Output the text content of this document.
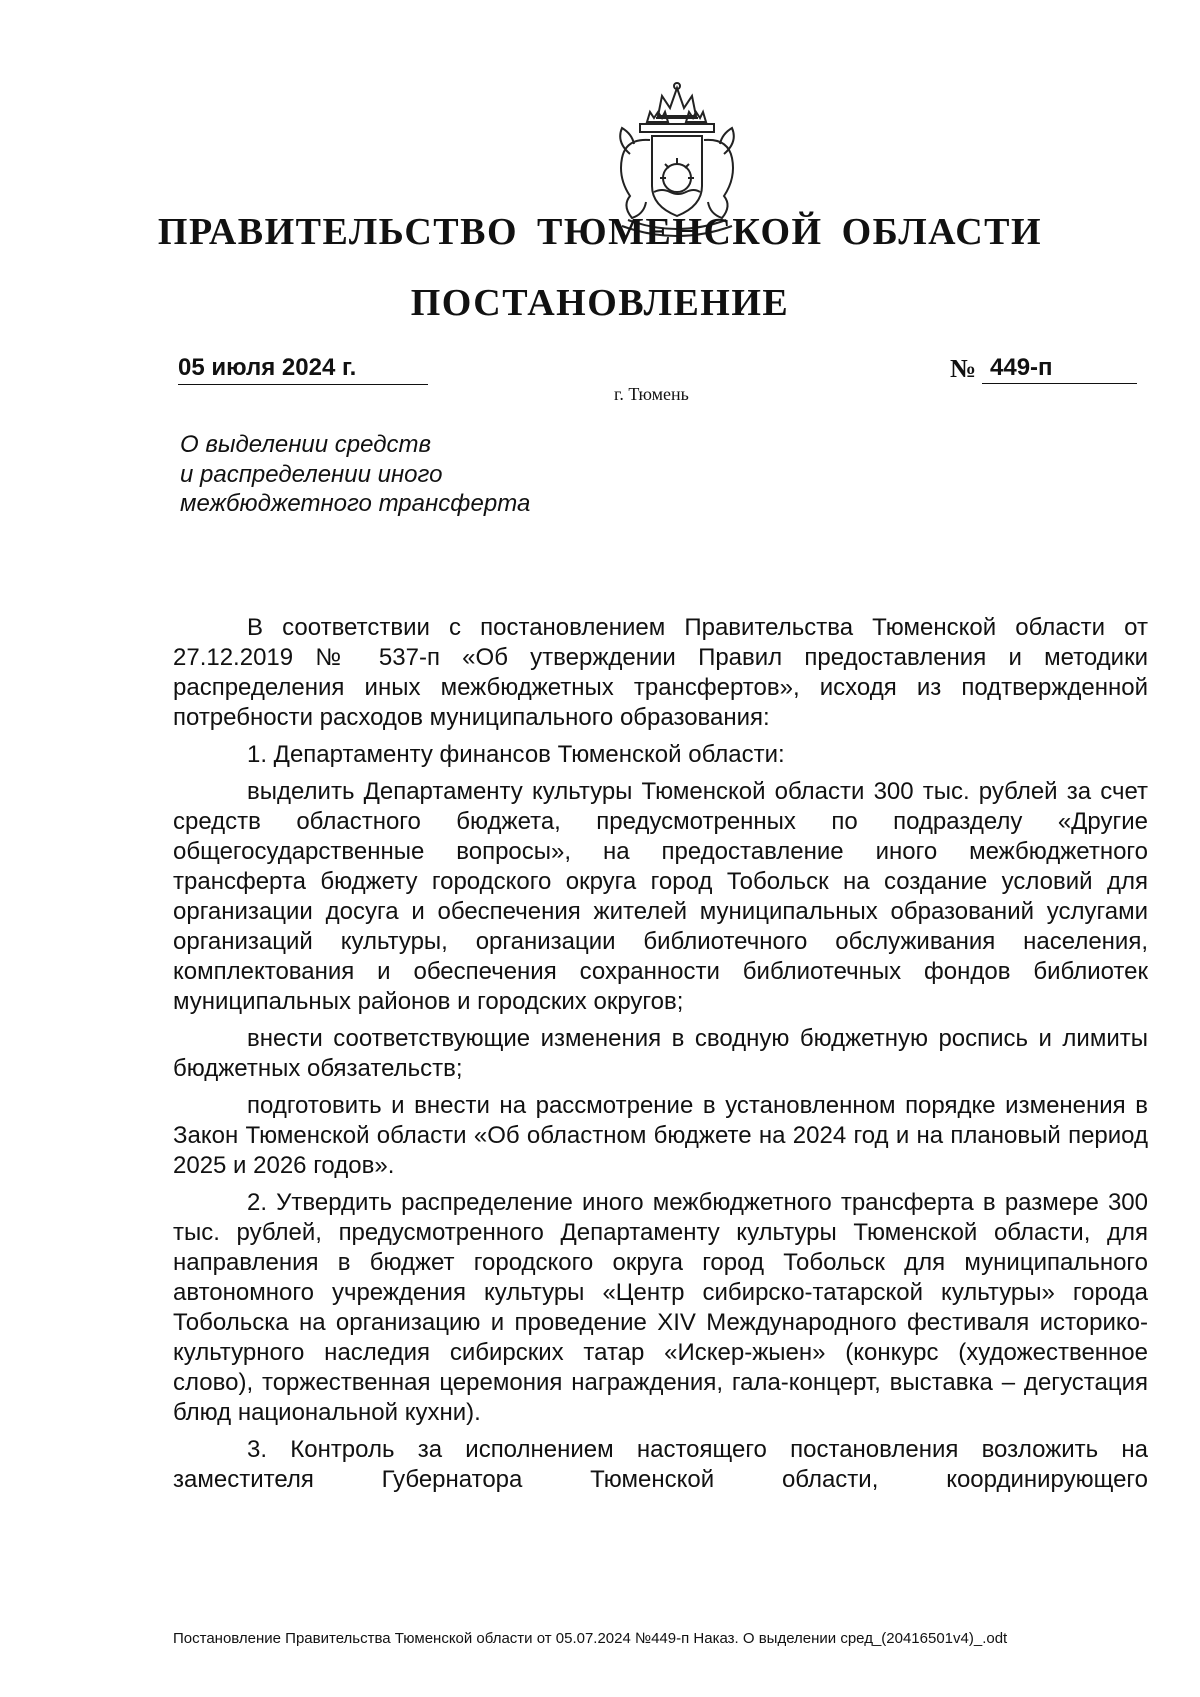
ПРАВИТЕЛЬСТВО ТЮМЕНСКОЙ ОБЛАСТИ
ПОСТАНОВЛЕНИЕ
05 июля 2024 г.	№ 449-п
г. Тюмень
О выделении средств
и распределении иного
межбюджетного трансферта

В соответствии с постановлением Правительства Тюменской области от 27.12.2019 № 537-п «Об утверждении Правил предоставления и методики распределения иных межбюджетных трансфертов», исходя из подтвержденной потребности расходов муниципального образования:

1. Департаменту финансов Тюменской области:

выделить Департаменту культуры Тюменской области 300 тыс. рублей за счет средств областного бюджета, предусмотренных по подразделу «Другие общегосударственные вопросы», на предоставление иного межбюджетного трансферта бюджету городского округа город Тобольск на создание условий для организации досуга и обеспечения жителей муниципальных образований услугами организаций культуры, организации библиотечного обслуживания населения, комплектования и обеспечения сохранности библиотечных фондов библиотек муниципальных районов и городских округов;

внести соответствующие изменения в сводную бюджетную роспись и лимиты бюджетных обязательств;

подготовить и внести на рассмотрение в установленном порядке изменения в Закон Тюменской области «Об областном бюджете на 2024 год и на плановый период 2025 и 2026 годов».

2. Утвердить распределение иного межбюджетного трансферта в размере 300 тыс. рублей, предусмотренного Департаменту культуры Тюменской области, для направления в бюджет городского округа город Тобольск для муниципального автономного учреждения культуры «Центр сибирско-татарской культуры» города Тобольска на организацию и проведение XIV Международного фестиваля историко-культурного наследия сибирских татар «Искер-жыен» (конкурс (художественное слово), торжественная церемония награждения, гала-концерт, выставка – дегустация блюд национальной кухни).

3. Контроль за исполнением настоящего постановления возложить на заместителя Губернатора Тюменской области, координирующего

Постановление Правительства Тюменской области от 05.07.2024 №449-п Наказ. О выделении сред_(20416501v4)_.odt
